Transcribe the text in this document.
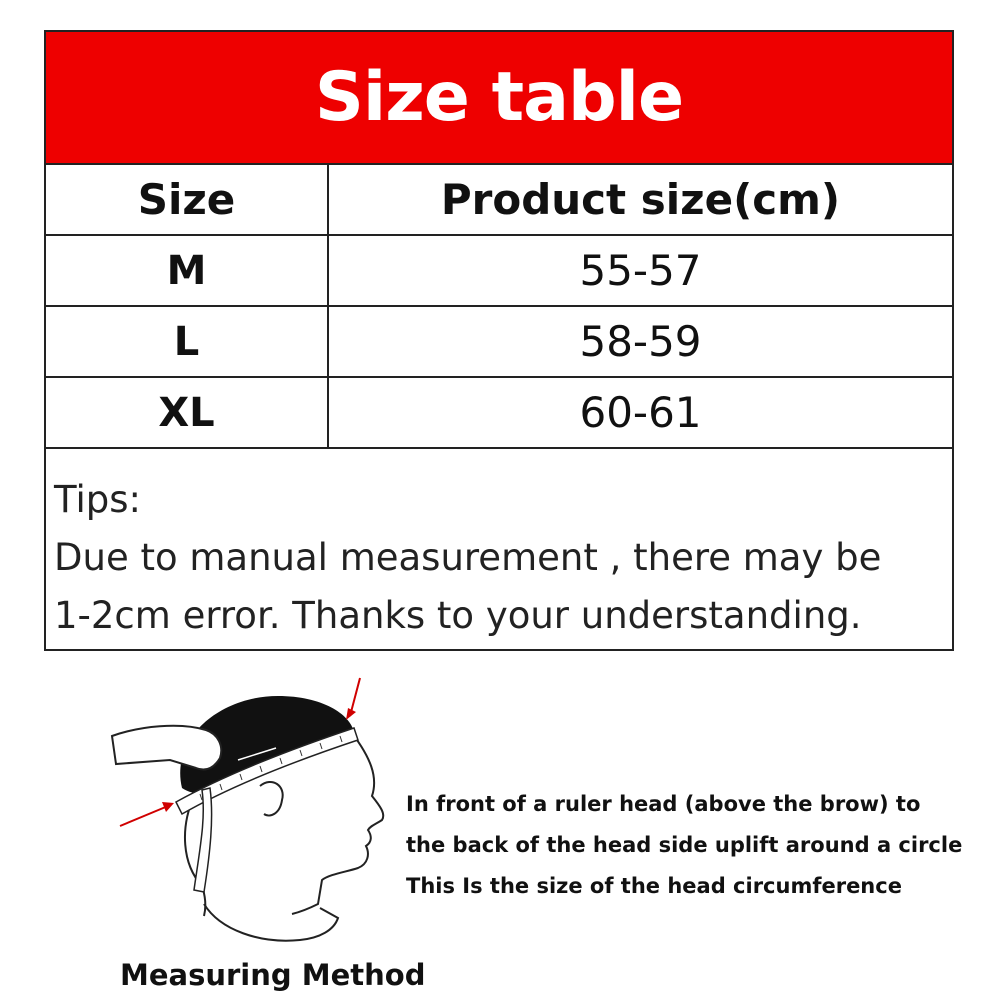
Size table
Size	Product size(cm)
M	55-57
L	58-59
XL	60-61
Tips:
Due to manual measurement , there may be
1-2cm error. Thanks to your understanding.
Measuring Method
In front of a ruler head (above the brow) to
the back of the head side uplift around a circle
This Is the size of the head circumference
